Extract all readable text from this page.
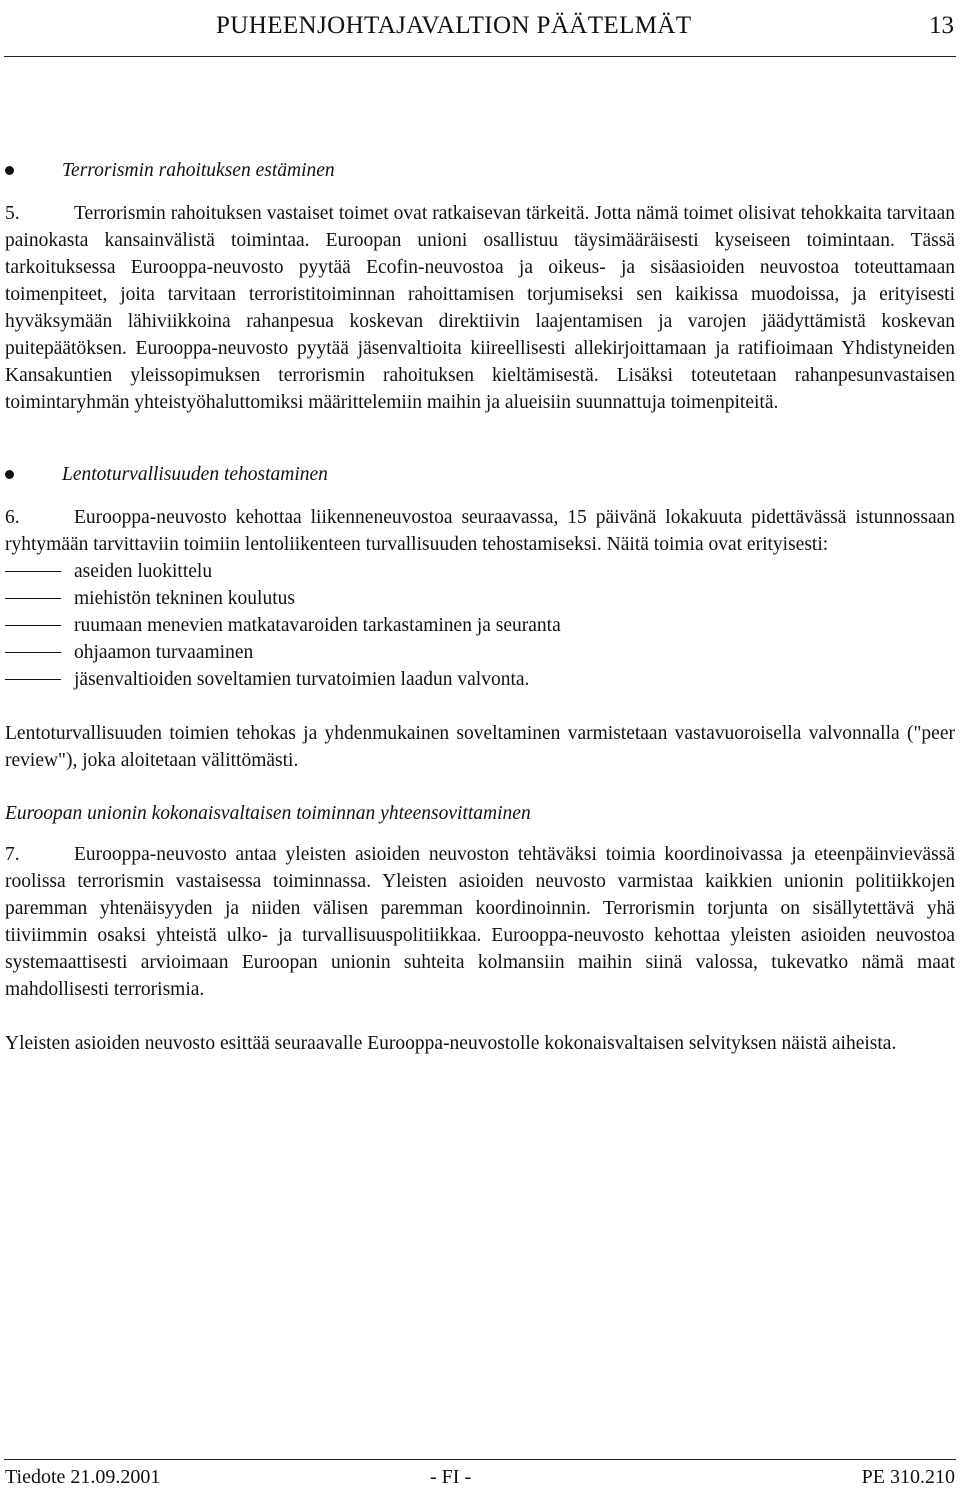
PUHEENJOHTAJAVALTION PÄÄTELMÄT	13
Terrorismin rahoituksen estäminen

5.	Terrorismin rahoituksen vastaiset toimet ovat ratkaisevan tärkeitä. Jotta nämä toimet olisivat tehokkaita tarvitaan painokasta kansainvälistä toimintaa. Euroopan unioni osallistuu täysimääräisesti kyseiseen toimintaan. Tässä tarkoituksessa Eurooppa-neuvosto pyytää Ecofin-neuvostoa ja oikeus- ja sisäasioiden neuvostoa toteuttamaan toimenpiteet, joita tarvitaan terroristitoiminnan rahoittamisen torjumiseksi sen kaikissa muodoissa, ja erityisesti hyväksymään lähiviikkoina rahanpesua koskevan direktiivin laajentamisen ja varojen jäädyttämistä koskevan puitepäätöksen. Eurooppa-neuvosto pyytää jäsenvaltioita kiireellisesti allekirjoittamaan ja ratifioimaan Yhdistyneiden Kansakuntien yleissopimuksen terrorismin rahoituksen kieltämisestä. Lisäksi toteutetaan rahanpesunvastaisen toimintaryhmän yhteistyöhaluttomiksi määrittelemiin maihin ja alueisiin suunnattuja toimenpiteitä.

Lentoturvallisuuden tehostaminen

6.	Eurooppa-neuvosto kehottaa liikenneneuvostoa seuraavassa, 15 päivänä lokakuuta pidettävässä istunnossaan ryhtymään tarvittaviin toimiin lentoliikenteen turvallisuuden tehostamiseksi. Näitä toimia ovat erityisesti:

aseiden luokittelu
miehistön tekninen koulutus
ruumaan menevien matkatavaroiden tarkastaminen ja seuranta
ohjaamon turvaaminen
jäsenvaltioiden soveltamien turvatoimien laadun valvonta.

Lentoturvallisuuden toimien tehokas ja yhdenmukainen soveltaminen varmistetaan vastavuoroisella valvonnalla ("peer review"), joka aloitetaan välittömästi.

Euroopan unionin kokonaisvaltaisen toiminnan yhteensovittaminen

7.	Eurooppa-neuvosto antaa yleisten asioiden neuvoston tehtäväksi toimia koordinoivassa ja eteenpäinvievässä roolissa terrorismin vastaisessa toiminnassa. Yleisten asioiden neuvosto varmistaa kaikkien unionin politiikkojen paremman yhtenäisyyden ja niiden välisen paremman koordinoinnin. Terrorismin torjunta on sisällytettävä yhä tiiviimmin osaksi yhteistä ulko- ja turvallisuuspolitiikkaa. Eurooppa-neuvosto kehottaa yleisten asioiden neuvostoa systemaattisesti arvioimaan Euroopan unionin suhteita kolmansiin maihin siinä valossa, tukevatko nämä maat mahdollisesti terrorismia.

Yleisten asioiden neuvosto esittää seuraavalle Eurooppa-neuvostolle kokonaisvaltaisen selvityksen näistä aiheista.

Tiedote 21.09.2001	- FI -	PE 310.210
